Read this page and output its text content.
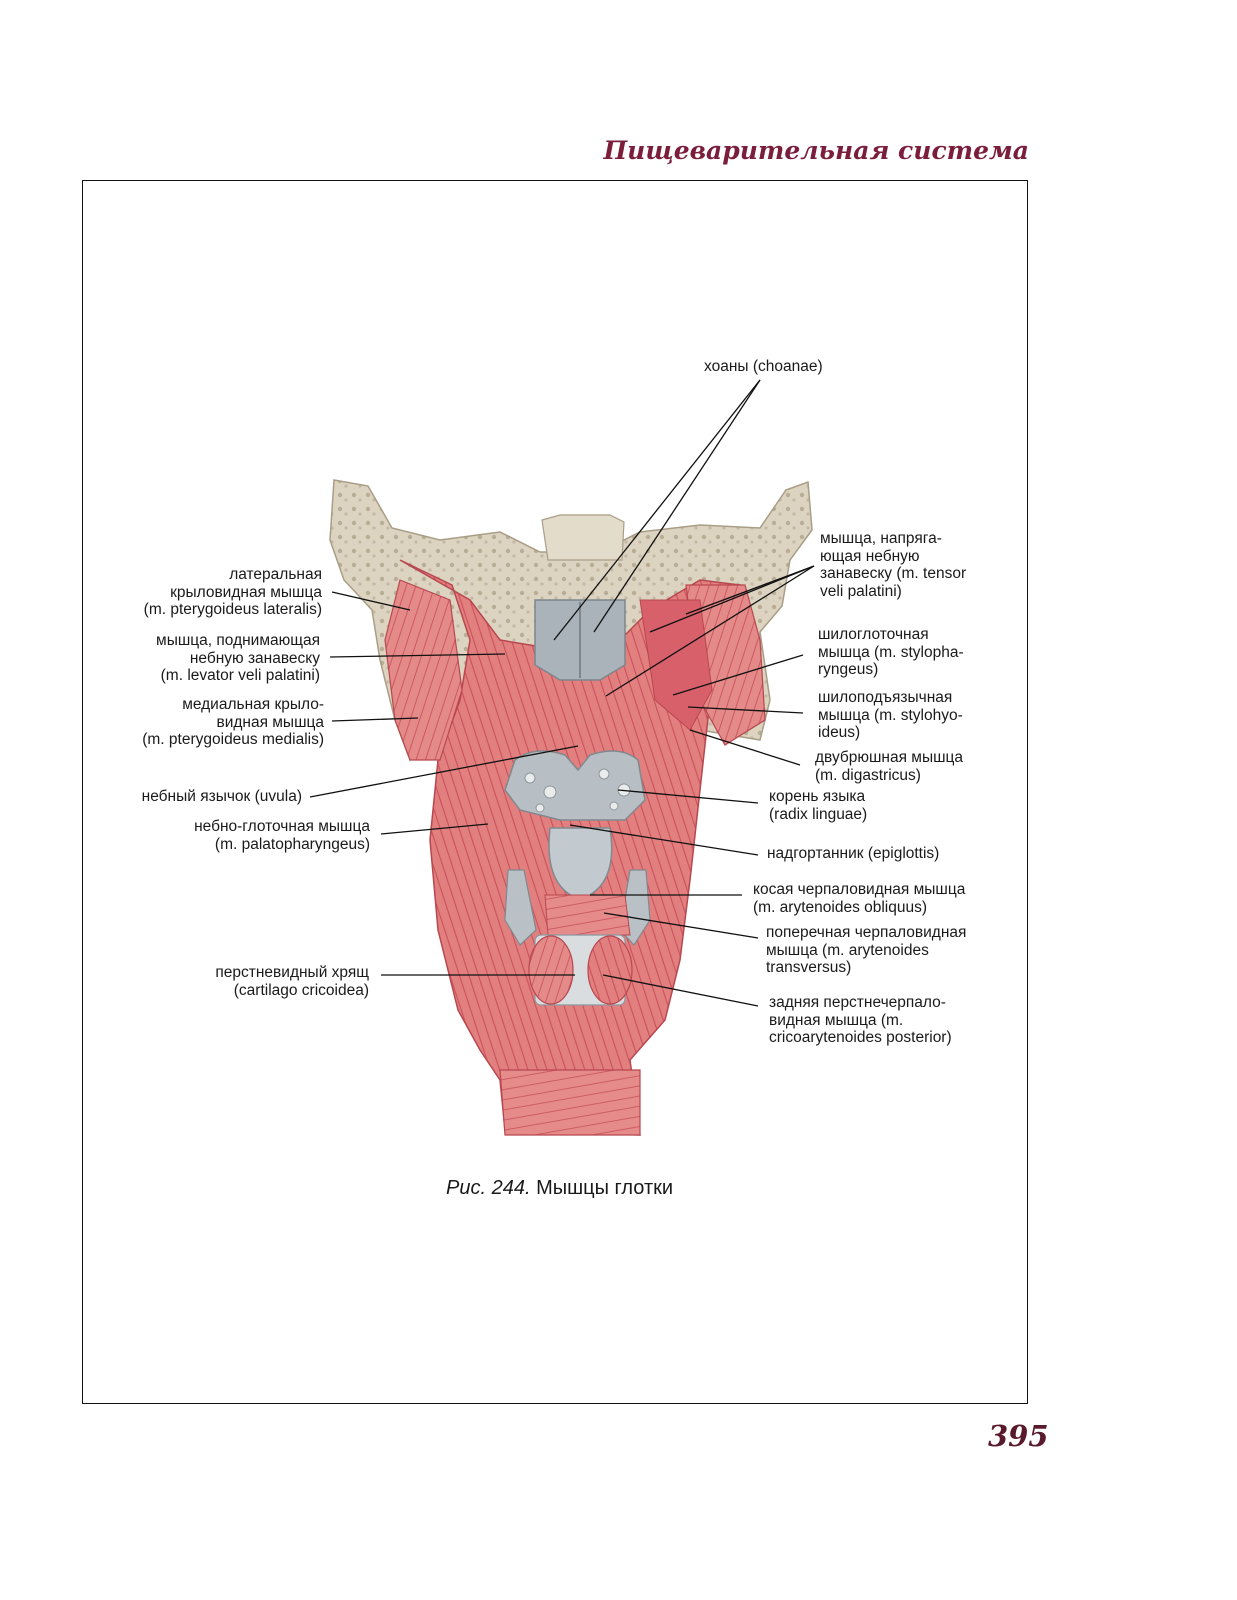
Пищеварительная система
хоаны (choanae)
мышца, напряга-
ющая небную
занавеску (m. tensor
veli palatini)
латеральная
крыловидная мышца
(m. pterygoideus lateralis)
мышца, поднимающая
небную занавеску
(m. levator veli palatini)
медиальная крыло-
видная мышца
(m. pterygoideus medialis)
небный язычок (uvula)
небно-глоточная мышца
(m. palatopharyngeus)
перстневидный хрящ
(cartilago cricoidea)
шилоглоточная
мышца (m. stylopha-
ryngeus)
шилоподъязычная
мышца (m. stylohyo-
ideus)
двубрюшная мышца
(m. digastricus)
корень языка
(radix linguae)
надгортанник (epiglottis)
косая черпаловидная мышца
(m. arytenoides obliquus)
поперечная черпаловидная
мышца (m. arytenoides
transversus)
задняя перстнечерпало-
видная мышца (m.
cricoarytenoides posterior)
Рис. 244. Мышцы глотки
395
